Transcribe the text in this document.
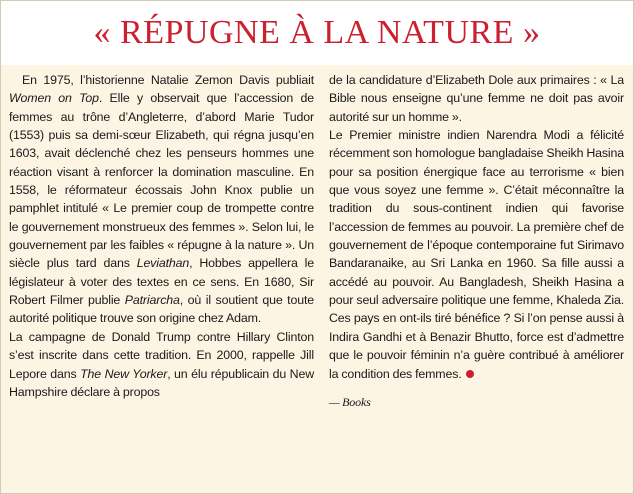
« RÉPUGNE À LA NATURE »

En 1975, l’historienne Natalie Zemon Davis publiait Women on Top. Elle y observait que l’accession de femmes au trône d’Angleterre, d’abord Marie Tudor (1553) puis sa demi-sœur Elizabeth, qui régna jusqu’en 1603, avait déclenché chez les penseurs hommes une réaction visant à renforcer la domination masculine. En 1558, le réformateur écossais John Knox publie un pamphlet intitulé « Le premier coup de trompette contre le gouvernement monstrueux des femmes ». Selon lui, le gouvernement par les faibles « répugne à la nature ». Un siècle plus tard dans Leviathan, Hobbes appellera le législateur à voter des textes en ce sens. En 1680, Sir Robert Filmer publie Patriarcha, où il soutient que toute autorité politique trouve son origine chez Adam.

La campagne de Donald Trump contre Hillary Clinton s’est inscrite dans cette tradition. En 2000, rappelle Jill Lepore dans The New Yorker, un élu républicain du New Hampshire déclare à propos

de la candidature d’Elizabeth Dole aux primaires : « La Bible nous enseigne qu’une femme ne doit pas avoir autorité sur un homme ».

Le Premier ministre indien Narendra Modi a félicité récemment son homologue bangladaise Sheikh Hasina pour sa position énergique face au terrorisme « bien que vous soyez une femme ». C’était méconnaître la tradition du sous-continent indien qui favorise l’accession de femmes au pouvoir. La première chef de gouvernement de l’époque contemporaine fut Sirimavo Bandaranaike, au Sri Lanka en 1960. Sa fille aussi a accédé au pouvoir. Au Bangladesh, Sheikh Hasina a pour seul adversaire politique une femme, Khaleda Zia. Ces pays en ont-ils tiré bénéfice ? Si l’on pense aussi à Indira Gandhi et à Benazir Bhutto, force est d’admettre que le pouvoir féminin n’a guère contribué à améliorer la condition des femmes.

— Books
